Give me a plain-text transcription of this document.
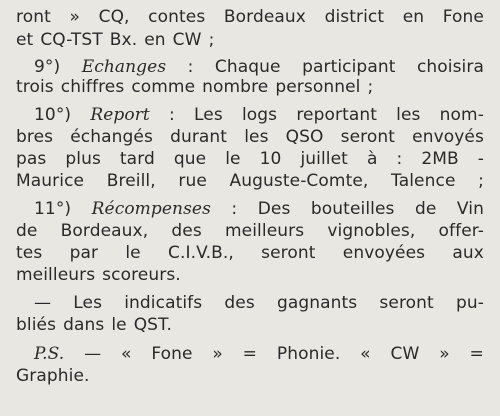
ront » CQ, contes Bordeaux district en Fone
et CQ-TST Bx. en CW ;
9°) Echanges : Chaque participant choisira
trois chiffres comme nombre personnel ;
10°) Report : Les logs reportant les nom-
bres échangés durant les QSO seront envoyés
pas plus tard que le 10 juillet à : 2MB -
Maurice Breill, rue Auguste-Comte, Talence ;
11°) Récompenses : Des bouteilles de Vin
de Bordeaux, des meilleurs vignobles, offer-
tes par le C.I.V.B., seront envoyées aux
meilleurs scoreurs.
— Les indicatifs des gagnants seront pu-
bliés dans le QST.
P.S. — « Fone » = Phonie. « CW » =
Graphie.
